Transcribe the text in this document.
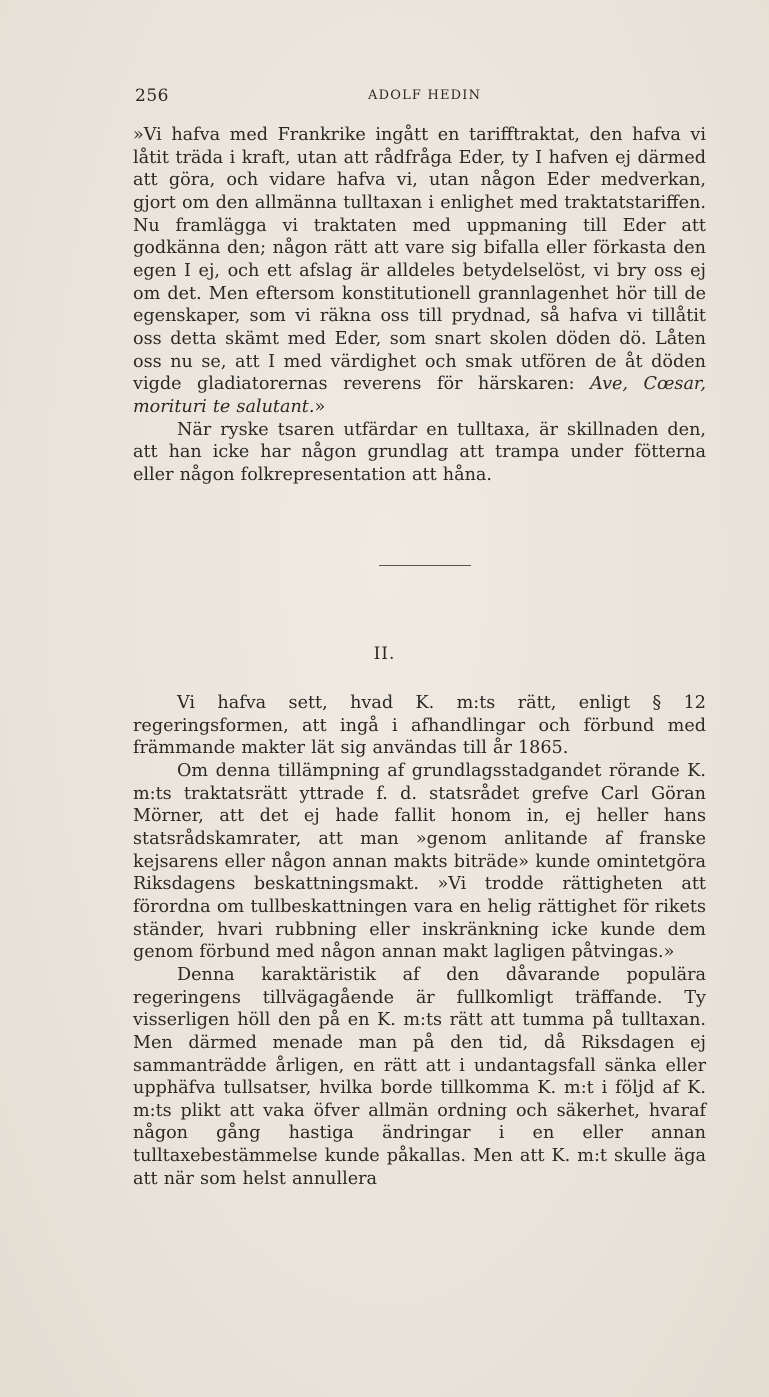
256	ADOLF HEDIN

»Vi hafva med Frankrike ingått en tarifftraktat, den hafva vi låtit träda i kraft, utan att rådfråga Eder, ty I hafven ej därmed att göra, och vidare hafva vi, utan någon Eder medverkan, gjort om den allmänna tulltaxan i enlighet med traktatstariffen. Nu framlägga vi traktaten med uppmaning till Eder att godkänna den; någon rätt att vare sig bifalla eller förkasta den egen I ej, och ett afslag är alldeles betydelselöst, vi bry oss ej om det. Men eftersom konstitutionell grannlagenhet hör till de egenskaper, som vi räkna oss till prydnad, så hafva vi tillåtit oss detta skämt med Eder, som snart skolen döden dö. Låten oss nu se, att I med värdighet och smak utfören de åt döden vigde gladiatorernas reverens för härskaren: Ave, Cœsar, morituri te salutant.»

När ryske tsaren utfärdar en tulltaxa, är skillnaden den, att han icke har någon grundlag att trampa under fötterna eller någon folkrepresentation att håna.

II.

Vi hafva sett, hvad K. m:ts rätt, enligt § 12 regeringsformen, att ingå i afhandlingar och förbund med främmande makter lät sig användas till år 1865.

Om denna tillämpning af grundlagsstadgandet rörande K. m:ts traktatsrätt yttrade f. d. statsrådet grefve Carl Göran Mörner, att det ej hade fallit honom in, ej heller hans statsrådskamrater, att man »genom anlitande af franske kejsarens eller någon annan makts biträde» kunde omintetgöra Riksdagens beskattningsmakt. »Vi trodde rättigheten att förordna om tullbeskattningen vara en helig rättighet för rikets ständer, hvari rubbning eller inskränkning icke kunde dem genom förbund med någon annan makt lagligen påtvingas.»

Denna karaktäristik af den dåvarande populära regeringens tillvägagående är fullkomligt träffande. Ty visserligen höll den på en K. m:ts rätt att tumma på tulltaxan. Men därmed menade man på den tid, då Riksdagen ej sammanträdde årligen, en rätt att i undantagsfall sänka eller upphäfva tullsatser, hvilka borde tillkomma K. m:t i följd af K. m:ts plikt att vaka öfver allmän ordning och säkerhet, hvaraf någon gång hastiga ändringar i en eller annan tulltaxebestämmelse kunde påkallas. Men att K. m:t skulle äga att när som helst annullera
